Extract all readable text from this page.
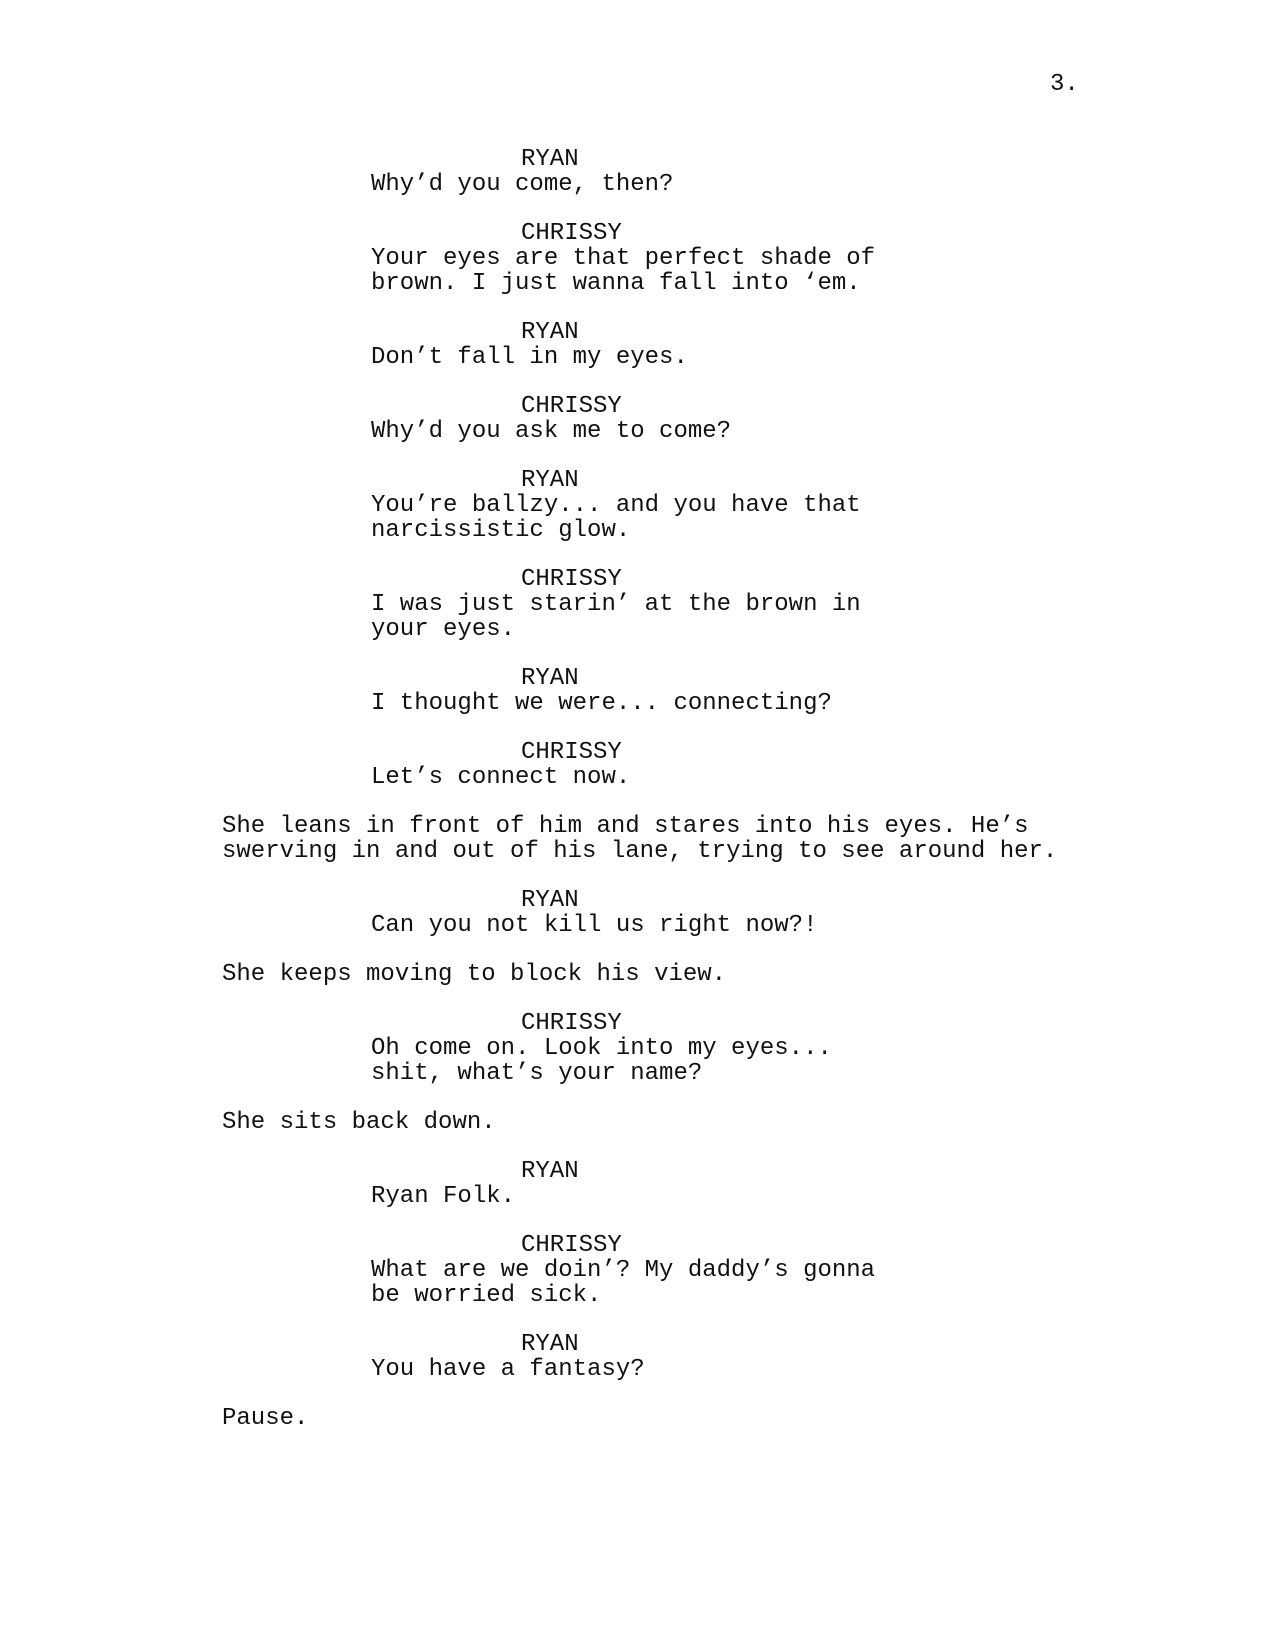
3.
RYAN
Why’d you come, then?
CHRISSY
Your eyes are that perfect shade of
brown. I just wanna fall into ‘em.
RYAN
Don’t fall in my eyes.
CHRISSY
Why’d you ask me to come?
RYAN
You’re ballzy... and you have that
narcissistic glow.
CHRISSY
I was just starin’ at the brown in
your eyes.
RYAN
I thought we were... connecting?
CHRISSY
Let’s connect now.
She leans in front of him and stares into his eyes. He’s
swerving in and out of his lane, trying to see around her.
RYAN
Can you not kill us right now?!
She keeps moving to block his view.
CHRISSY
Oh come on. Look into my eyes...
shit, what’s your name?
She sits back down.
RYAN
Ryan Folk.
CHRISSY
What are we doin’? My daddy’s gonna
be worried sick.
RYAN
You have a fantasy?
Pause.
